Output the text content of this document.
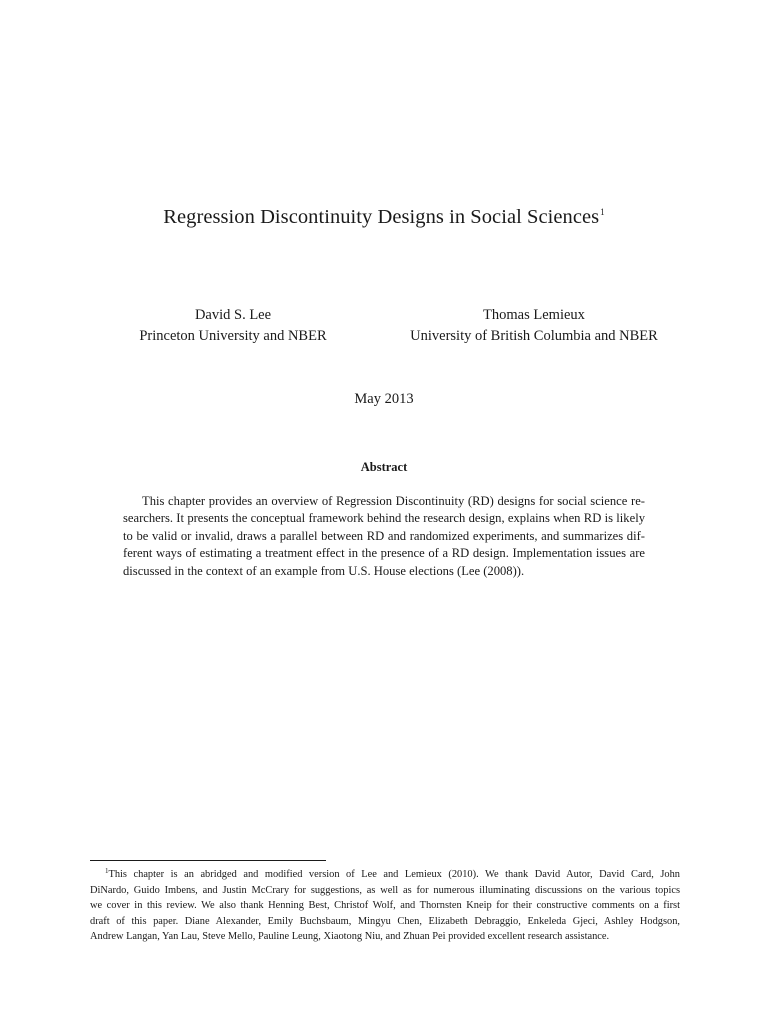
Regression Discontinuity Designs in Social Sciences$^1$
David S. Lee
Princeton University and NBER
Thomas Lemieux
University of British Columbia and NBER
May 2013
Abstract
This chapter provides an overview of Regression Discontinuity (RD) designs for social science re-
searchers. It presents the conceptual framework behind the research design, explains when RD is likely
to be valid or invalid, draws a parallel between RD and randomized experiments, and summarizes dif-
ferent ways of estimating a treatment effect in the presence of a RD design. Implementation issues are
discussed in the context of an example from U.S. House elections (Lee (2008)).
$^1$This chapter is an abridged and modified version of Lee and Lemieux (2010). We thank David Autor, David Card, John
DiNardo, Guido Imbens, and Justin McCrary for suggestions, as well as for numerous illuminating discussions on the various topics
we cover in this review. We also thank Henning Best, Christof Wolf, and Thornsten Kneip for their constructive comments on a first
draft of this paper. Diane Alexander, Emily Buchsbaum, Mingyu Chen, Elizabeth Debraggio, Enkeleda Gjeci, Ashley Hodgson,
Andrew Langan, Yan Lau, Steve Mello, Pauline Leung, Xiaotong Niu, and Zhuan Pei provided excellent research assistance.
